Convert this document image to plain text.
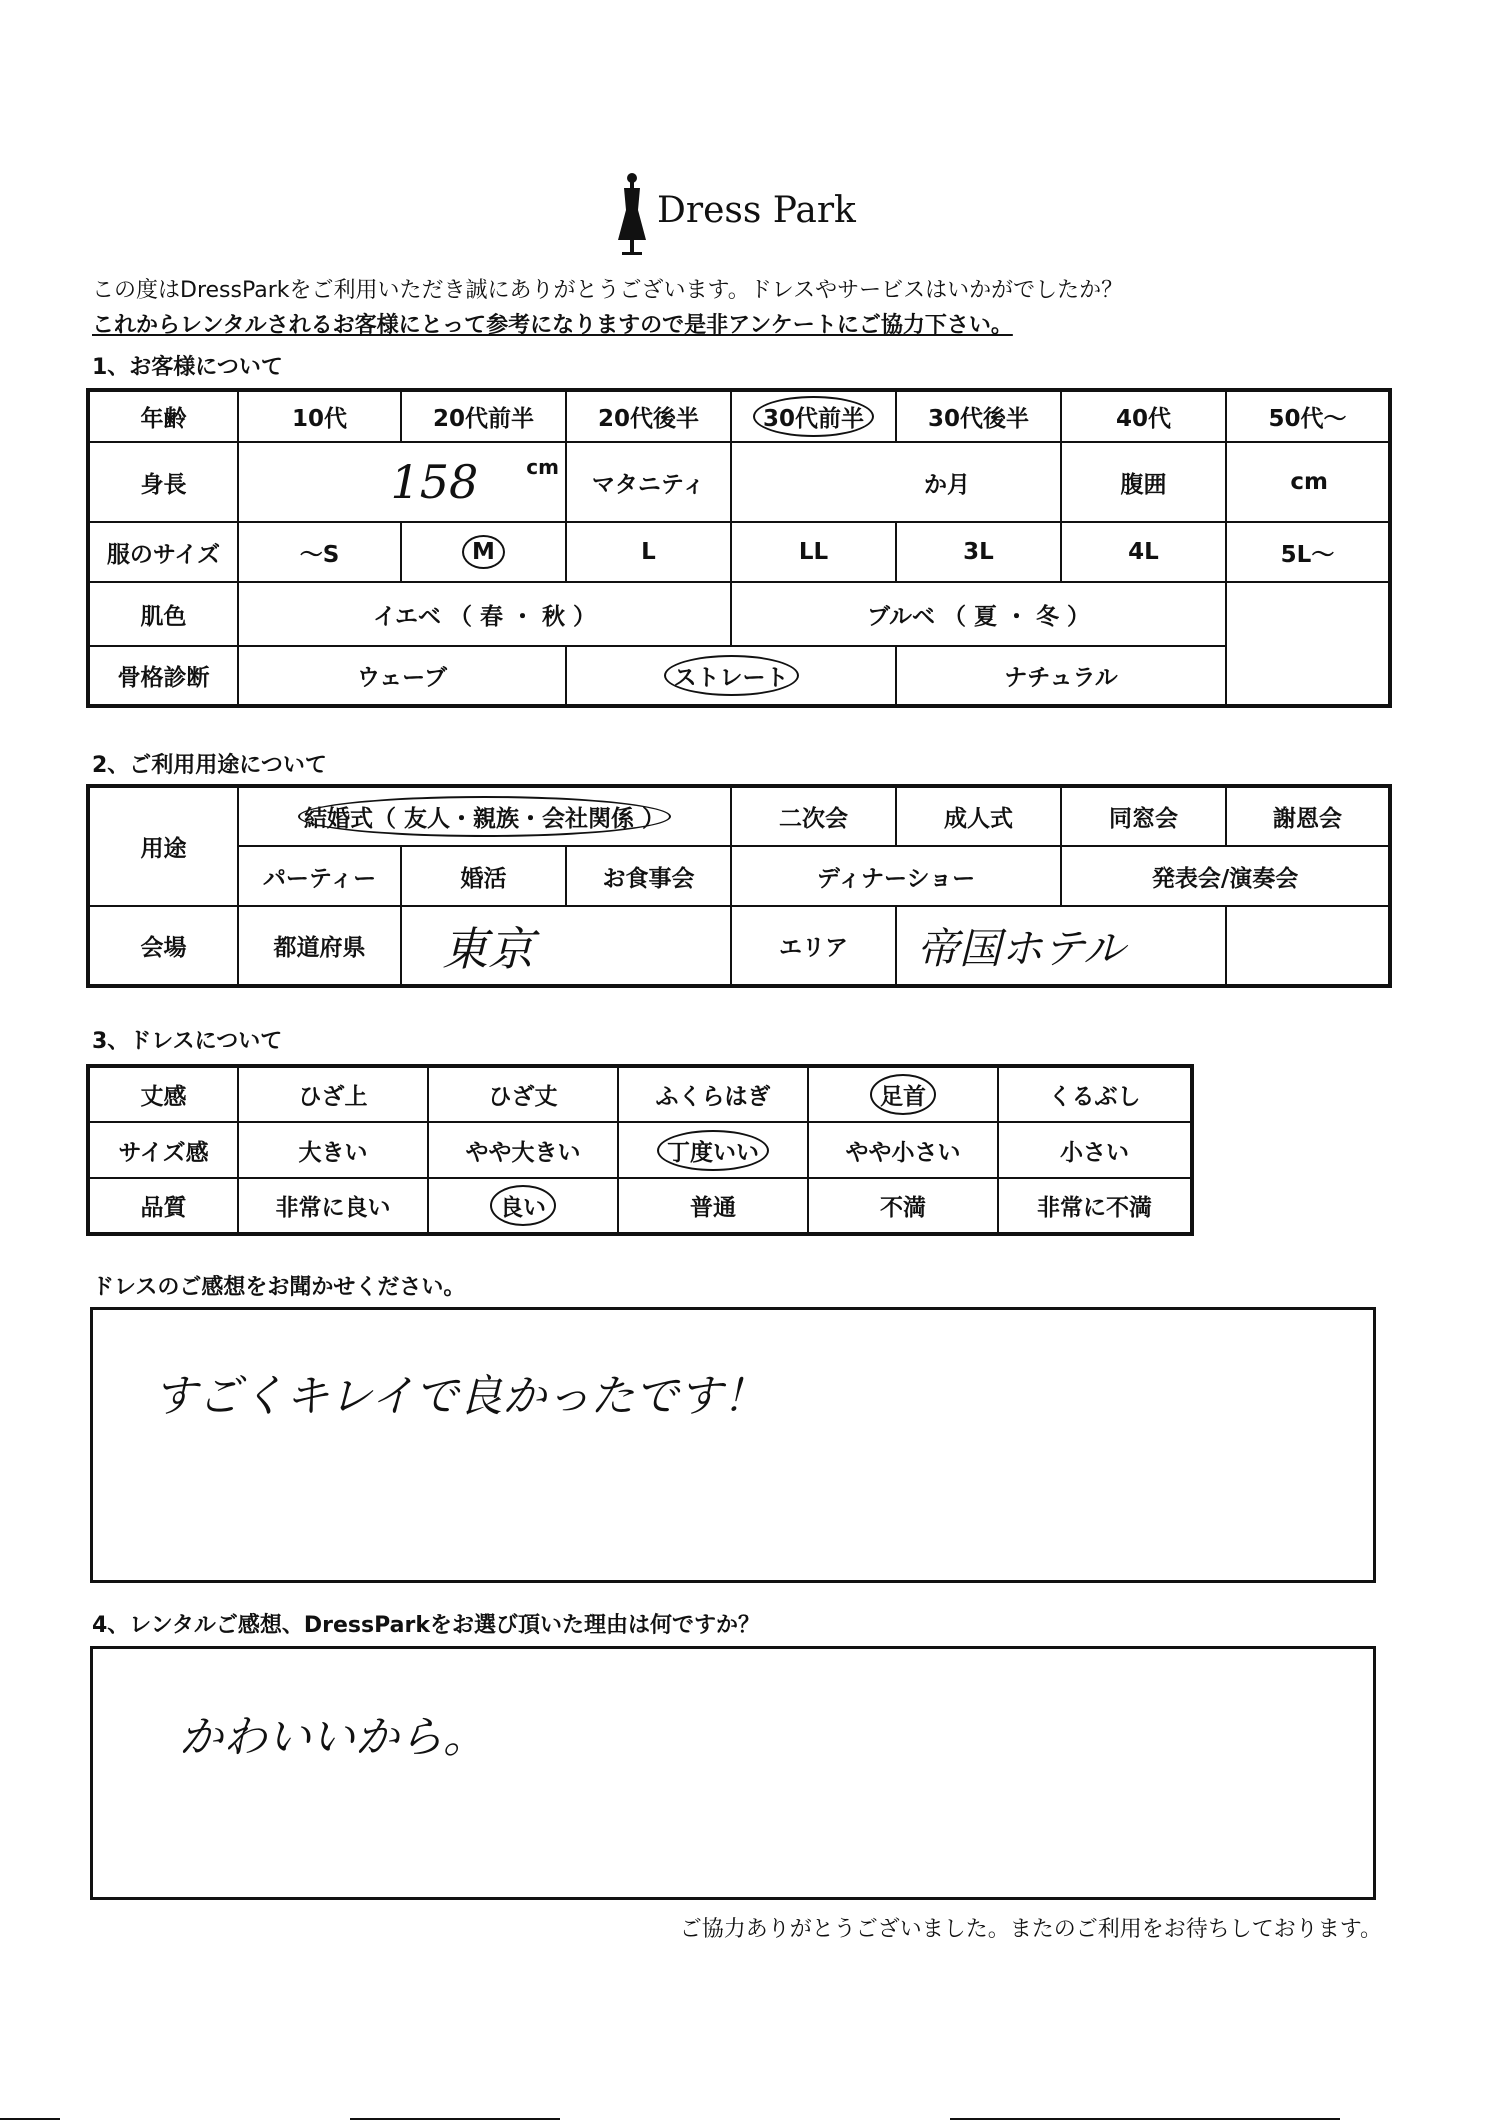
Dress Park
この度はDressParkをご利用いただき誠にありがとうございます。ドレスやサービスはいかがでしたか？
これからレンタルされるお客様にとって参考になりますので是非アンケートにご協力下さい。
1、お客様について
年齢	10代	20代前半	20代後半	30代前半	30代後半	40代	50代～
身長	158 cm		マタニティ	か月		腹囲	cm
服のサイズ	～S	M	L	LL	3L	4L	5L～
肌色	イエベ （ 春 ・ 秋 ）			ブルベ （ 夏 ・ 冬 ）			
骨格診断	ウェーブ		ストレート		ナチュラル		
2、ご利用用途について
用途	結婚式（ 友人・親族・会社関係 ）			二次会	成人式	同窓会	謝恩会
	パーティー	婚活	お食事会	ディナーショー		発表会/演奏会	
会場	都道府県	東京		エリア	帝国ホテル		
3、ドレスについて
丈感	ひざ上	ひざ丈	ふくらはぎ	足首	くるぶし
サイズ感	大きい	やや大きい	丁度いい	やや小さい	小さい
品質	非常に良い	良い	普通	不満	非常に不満
ドレスのご感想をお聞かせください。
すごくキレイで良かったです！
4、レンタルご感想、DressParkをお選び頂いた理由は何ですか？
かわいいから。
ご協力ありがとうございました。またのご利用をお待ちしております。
